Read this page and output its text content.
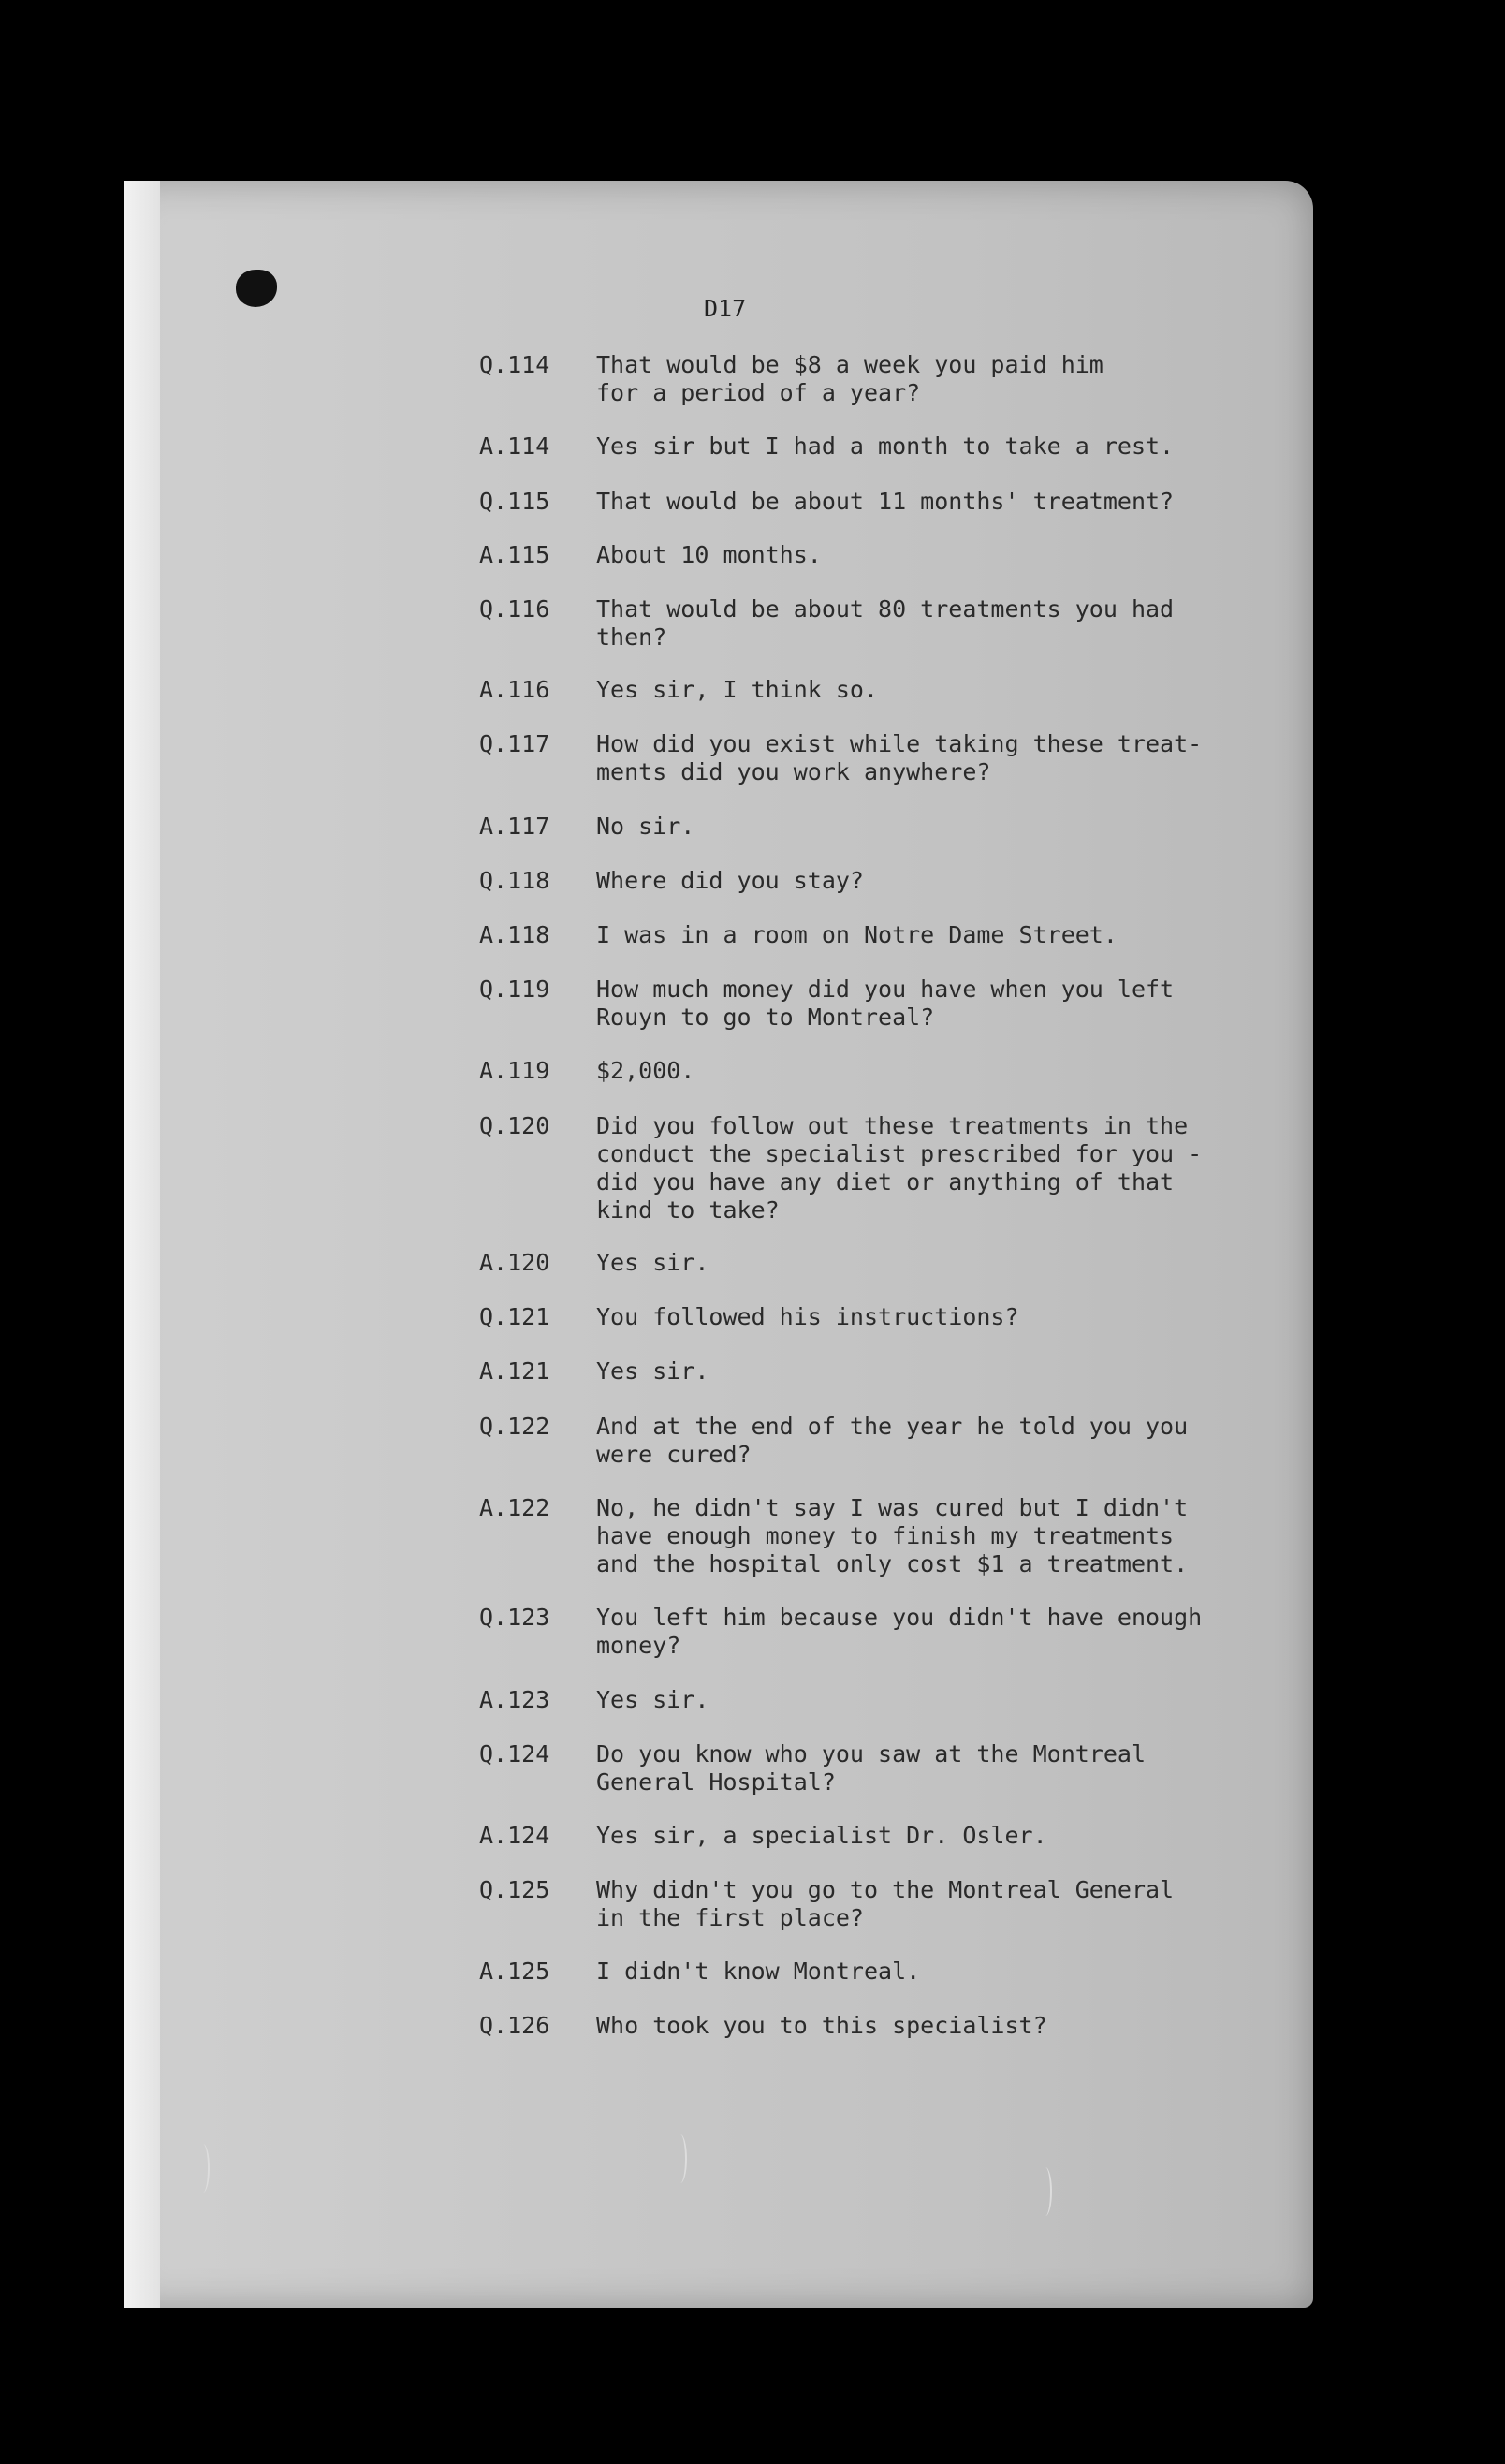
D17
Q.114	That would be $8 a week you paid him
for a period of a year?
A.114	Yes sir but I had a month to take a rest.
Q.115	That would be about 11 months' treatment?
A.115	About 10 months.
Q.116	That would be about 80 treatments you had
then?
A.116	Yes sir, I think so.
Q.117	How did you exist while taking these treat-
ments did you work anywhere?
A.117	No sir.
Q.118	Where did you stay?
A.118	I was in a room on Notre Dame Street.
Q.119	How much money did you have when you left
Rouyn to go to Montreal?
A.119	$2,000.
Q.120	Did you follow out these treatments in the
conduct the specialist prescribed for you -
did you have any diet or anything of that
kind to take?
A.120	Yes sir.
Q.121	You followed his instructions?
A.121	Yes sir.
Q.122	And at the end of the year he told you you
were cured?
A.122	No, he didn't say I was cured but I didn't
have enough money to finish my treatments
and the hospital only cost $1 a treatment.
Q.123	You left him because you didn't have enough
money?
A.123	Yes sir.
Q.124	Do you know who you saw at the Montreal
General Hospital?
A.124	Yes sir, a specialist Dr. Osler.
Q.125	Why didn't you go to the Montreal General
in the first place?
A.125	I didn't know Montreal.
Q.126	Who took you to this specialist?
